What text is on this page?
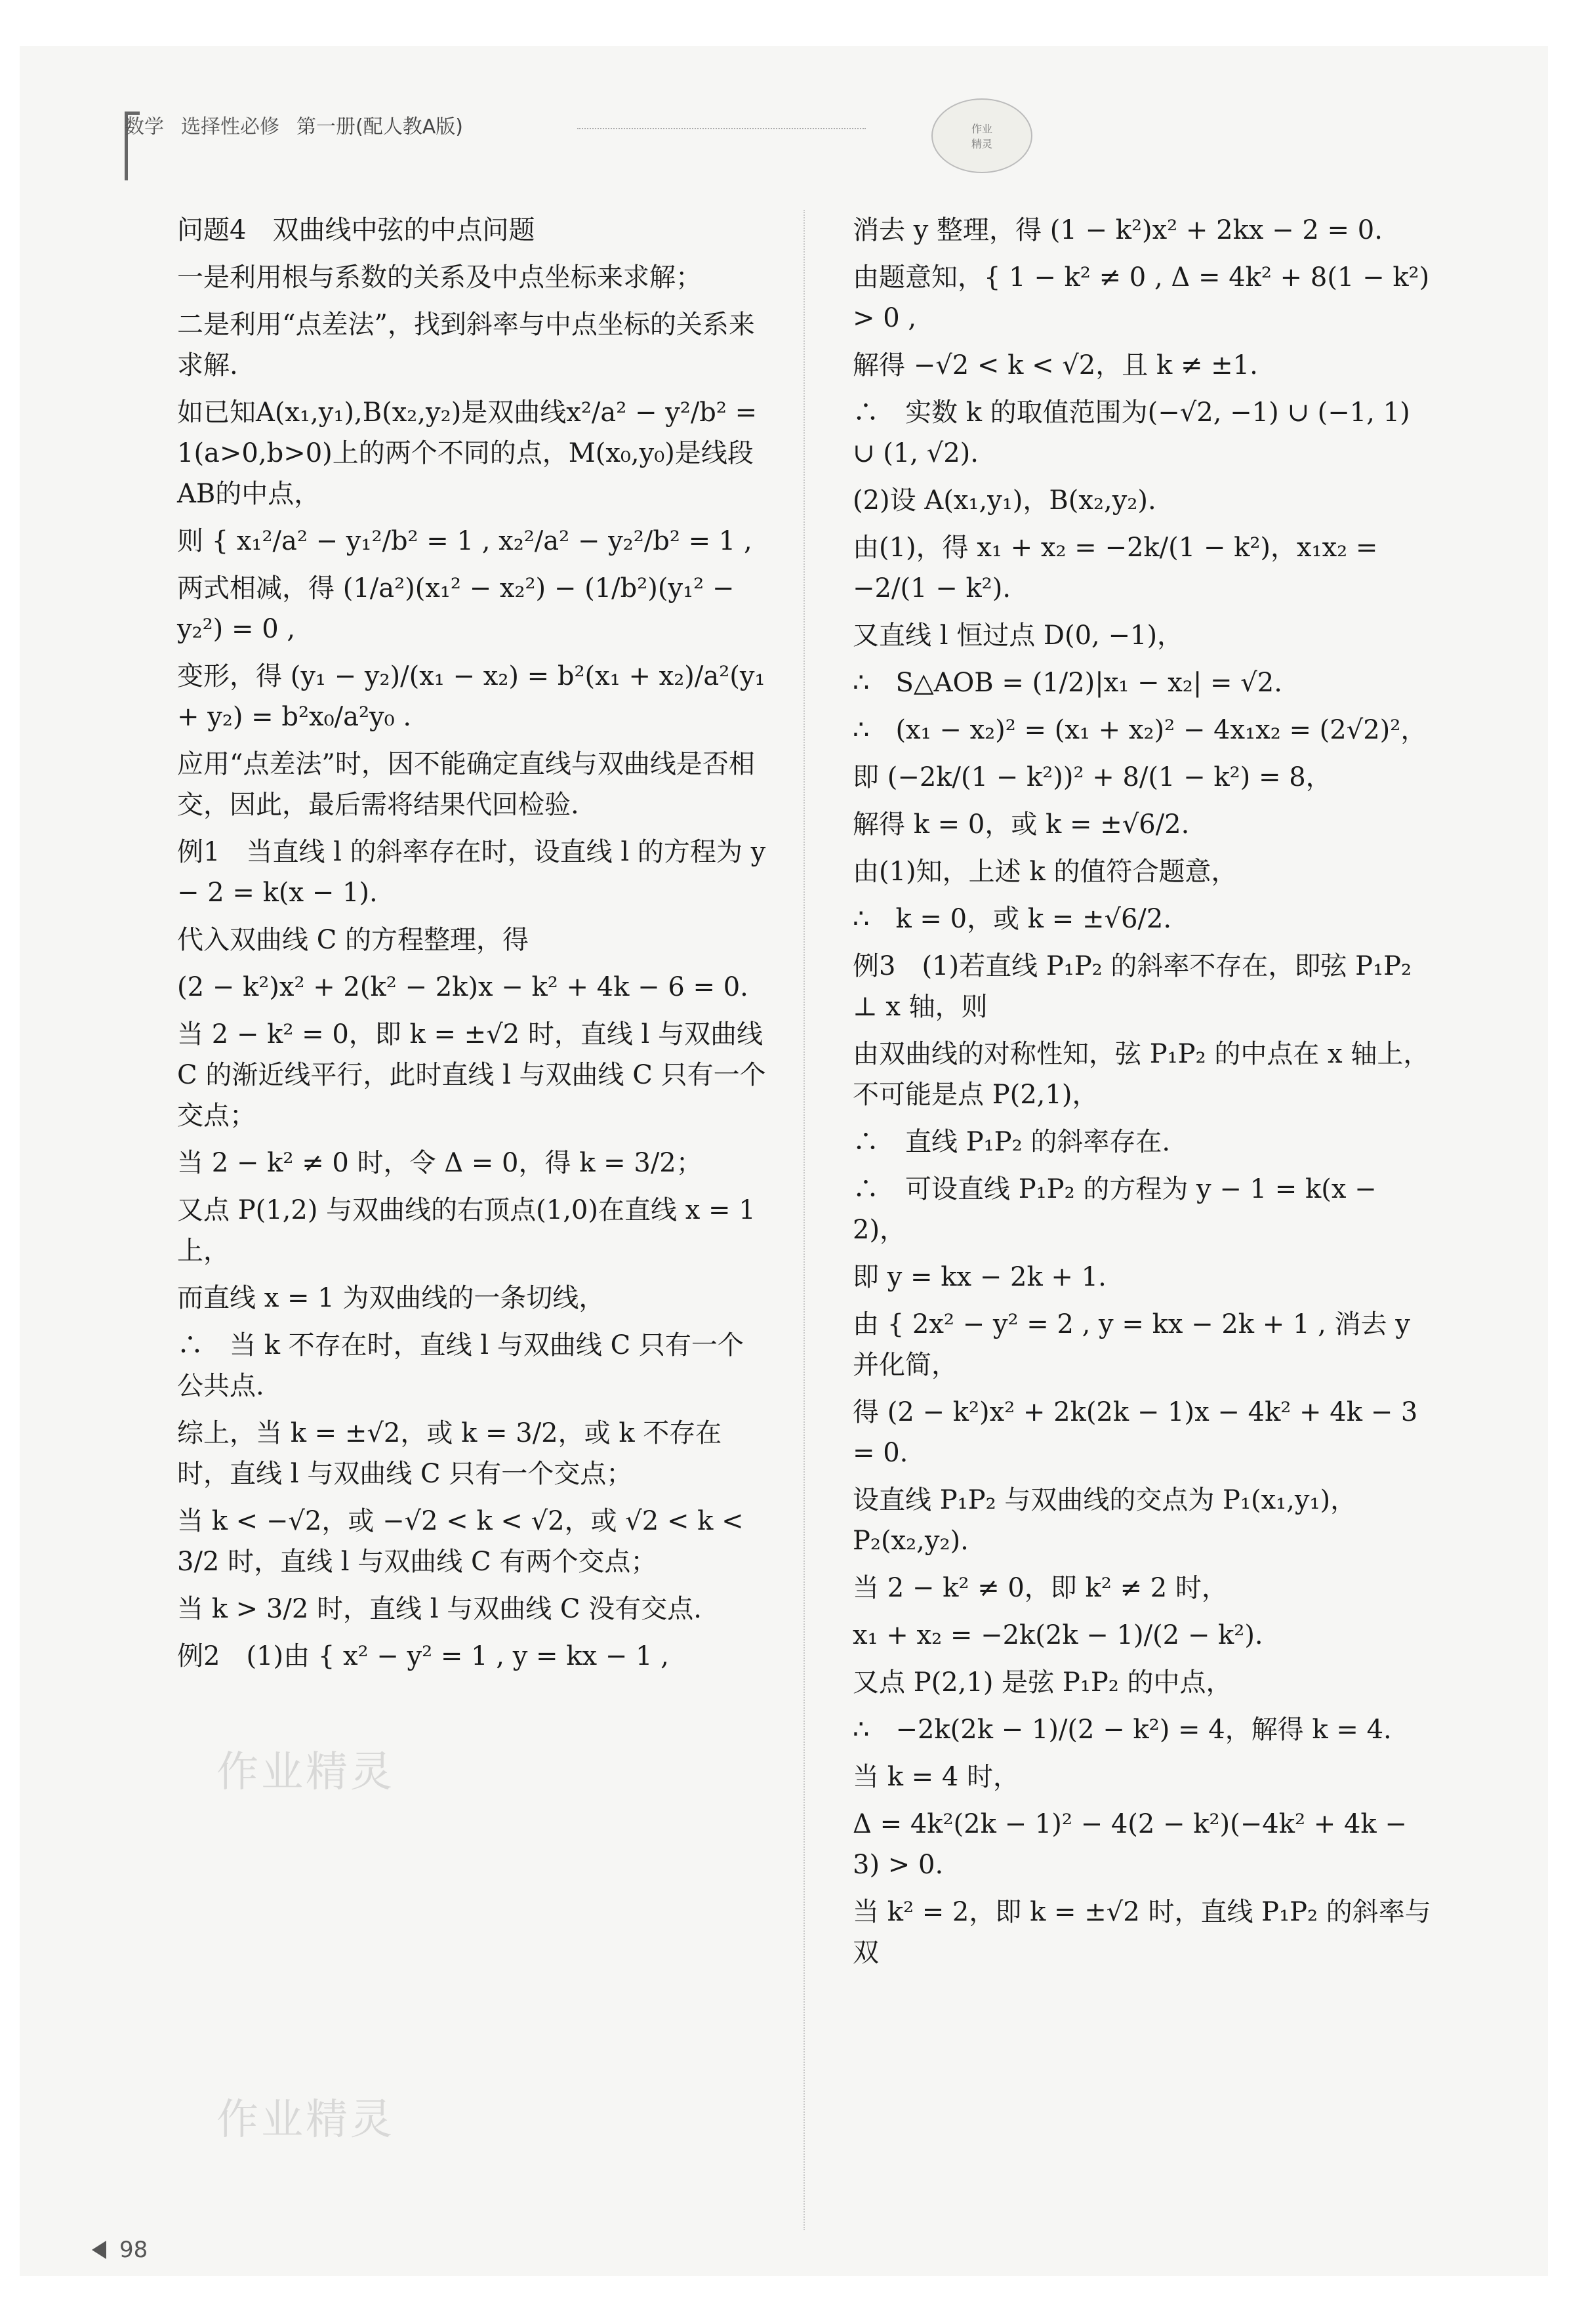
数学 选择性必修 第一册(配人教A版)	作业
精灵

问题4　双曲线中弦的中点问题

一是利用根与系数的关系及中点坐标来求解；

二是利用“点差法”，找到斜率与中点坐标的关系来求解.

如已知A(x₁,y₁),B(x₂,y₂)是双曲线x²/a² − y²/b² = 1(a>0,b>0)上的两个不同的点，M(x₀,y₀)是线段AB的中点，

则 { x₁²/a² − y₁²/b² = 1 , x₂²/a² − y₂²/b² = 1 ,

两式相减，得 (1/a²)(x₁² − x₂²) − (1/b²)(y₁² − y₂²) = 0 ,

变形，得 (y₁ − y₂)/(x₁ − x₂) = b²(x₁ + x₂)/a²(y₁ + y₂) = b²x₀/a²y₀ .

应用“点差法”时，因不能确定直线与双曲线是否相交，因此，最后需将结果代回检验.

例1　当直线 l 的斜率存在时，设直线 l 的方程为 y − 2 = k(x − 1).

代入双曲线 C 的方程整理，得

(2 − k²)x² + 2(k² − 2k)x − k² + 4k − 6 = 0.

当 2 − k² = 0，即 k = ±√2 时，直线 l 与双曲线 C 的渐近线平行，此时直线 l 与双曲线 C 只有一个交点；

当 2 − k² ≠ 0 时，令 Δ = 0，得 k = 3/2；

又点 P(1,2) 与双曲线的右顶点(1,0)在直线 x = 1 上，

而直线 x = 1 为双曲线的一条切线，

∴　当 k 不存在时，直线 l 与双曲线 C 只有一个公共点.

综上，当 k = ±√2，或 k = 3/2，或 k 不存在时，直线 l 与双曲线 C 只有一个交点；

当 k < −√2，或 −√2 < k < √2，或 √2 < k < 3/2 时，直线 l 与双曲线 C 有两个交点；

当 k > 3/2 时，直线 l 与双曲线 C 没有交点.

例2　(1)由 { x² − y² = 1 , y = kx − 1 ,

消去 y 整理，得 (1 − k²)x² + 2kx − 2 = 0.

由题意知，{ 1 − k² ≠ 0 , Δ = 4k² + 8(1 − k²) > 0 ,

解得 −√2 < k < √2，且 k ≠ ±1.

∴　实数 k 的取值范围为(−√2, −1) ∪ (−1, 1) ∪ (1, √2).

(2)设 A(x₁,y₁)，B(x₂,y₂).

由(1)，得 x₁ + x₂ = −2k/(1 − k²)，x₁x₂ = −2/(1 − k²).

又直线 l 恒过点 D(0, −1)，

∴　S△AOB = (1/2)|x₁ − x₂| = √2.

∴　(x₁ − x₂)² = (x₁ + x₂)² − 4x₁x₂ = (2√2)²，

即 (−2k/(1 − k²))² + 8/(1 − k²) = 8，

解得 k = 0，或 k = ±√6/2.

由(1)知，上述 k 的值符合题意，

∴　k = 0，或 k = ±√6/2.

例3　(1)若直线 P₁P₂ 的斜率不存在，即弦 P₁P₂ ⊥ x 轴，则

由双曲线的对称性知，弦 P₁P₂ 的中点在 x 轴上，不可能是点 P(2,1)，

∴　直线 P₁P₂ 的斜率存在.

∴　可设直线 P₁P₂ 的方程为 y − 1 = k(x − 2)，

即 y = kx − 2k + 1.

由 { 2x² − y² = 2 , y = kx − 2k + 1 , 消去 y 并化简，

得 (2 − k²)x² + 2k(2k − 1)x − 4k² + 4k − 3 = 0.

设直线 P₁P₂ 与双曲线的交点为 P₁(x₁,y₁)，P₂(x₂,y₂).

当 2 − k² ≠ 0，即 k² ≠ 2 时，

x₁ + x₂ = −2k(2k − 1)/(2 − k²).

又点 P(2,1) 是弦 P₁P₂ 的中点，

∴　−2k(2k − 1)/(2 − k²) = 4，解得 k = 4.

当 k = 4 时，

Δ = 4k²(2k − 1)² − 4(2 − k²)(−4k² + 4k − 3) > 0.

当 k² = 2，即 k = ±√2 时，直线 P₁P₂ 的斜率与双

作业精灵
作业精灵
98
